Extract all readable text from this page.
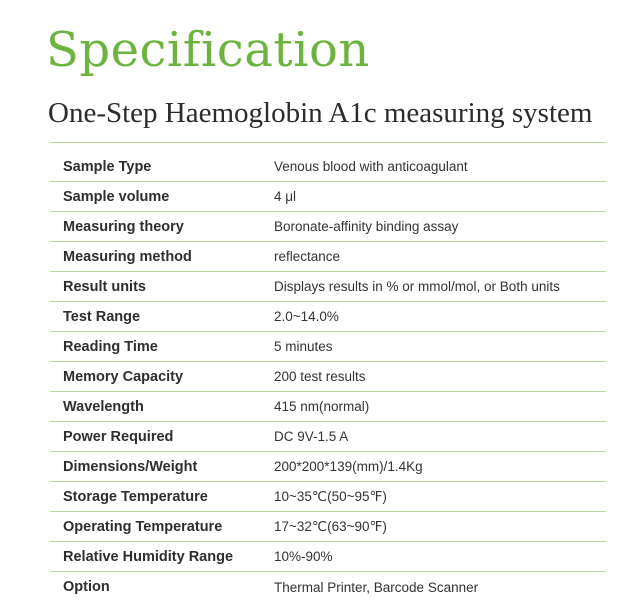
Specification
One-Step Haemoglobin A1c measuring system
Sample Type	Venous blood with anticoagulant
Sample volume	4 μl
Measuring theory	Boronate-affinity binding assay
Measuring method	reflectance
Result units	Displays results in % or mmol/mol, or Both units
Test Range	2.0~14.0%
Reading Time	5 minutes
Memory Capacity	200 test results
Wavelength	415 nm(normal)
Power Required	DC 9V-1.5 A
Dimensions/Weight	200*200*139(mm)/1.4Kg
Storage Temperature	10~35℃(50~95℉)
Operating Temperature	17~32℃(63~90℉)
Relative Humidity Range	10%-90%
Option	Thermal Printer, Barcode Scanner
